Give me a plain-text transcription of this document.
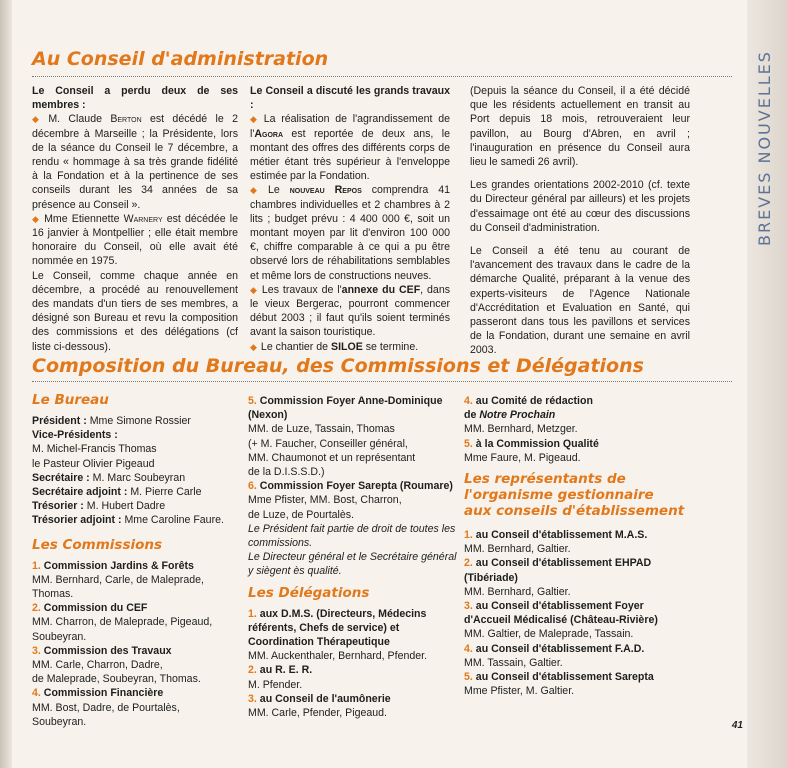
BREVES NOUVELLES
Au Conseil d'administration

Le Conseil a perdu deux de ses membres :

◆ M. Claude Berton est décédé le 2 décembre à Marseille ; la Présidente, lors de la séance du Conseil le 7 décembre, a rendu « hommage à sa très grande fidélité à la Fondation et à la pertinence de ses conseils durant les 34 années de sa présence au Conseil ».

◆ Mme Etiennette Warnery est décédée le 16 janvier à Montpellier ; elle était membre honoraire du Conseil, où elle avait été nommée en 1975.

Le Conseil, comme chaque année en décembre, a procédé au renouvellement des mandats d'un tiers de ses membres, a désigné son Bureau et revu la composition des commissions et des délégations (cf liste ci-dessous).

Le Conseil a discuté les grands travaux :

◆ La réalisation de l'agrandissement de l'Agora est reportée de deux ans, le montant des offres des différents corps de métier étant très supérieur à l'enveloppe estimée par la Fondation.

◆ Le nouveau Repos comprendra 41 chambres individuelles et 2 chambres à 2 lits ; budget prévu : 4 400 000 €, soit un montant moyen par lit d'environ 100 000 €, chiffre comparable à ce qui a pu être observé lors de réhabilitations semblables et même lors de constructions neuves.

◆ Les travaux de l'annexe du CEF, dans le vieux Bergerac, pourront commencer début 2003 ; il faut qu'ils soient terminés avant la saison touristique.

◆ Le chantier de SILOE se termine.

(Depuis la séance du Conseil, il a été décidé que les résidents actuellement en transit au Port depuis 18 mois, retrouveraient leur pavillon, au Bourg d'Abren, en avril ; l'inauguration en présence du Conseil aura lieu le samedi 26 avril).

Les grandes orientations 2002-2010 (cf. texte du Directeur général par ailleurs) et les projets d'essaimage ont été au cœur des discussions du Conseil d'administration.

Le Conseil a été tenu au courant de l'avancement des travaux dans le cadre de la démarche Qualité, préparant à la venue des experts-visiteurs de l'Agence Nationale d'Accréditation et Evaluation en Santé, qui passeront dans tous les pavillons et services de la Fondation, durant une semaine en avril 2003.

Composition du Bureau, des Commissions et Délégations
Le Bureau

Président : Mme Simone Rossier

Vice-Présidents :

M. Michel-Francis Thomas

le Pasteur Olivier Pigeaud

Secrétaire : M. Marc Soubeyran

Secrétaire adjoint : M. Pierre Carle

Trésorier : M. Hubert Dadre

Trésorier adjoint : Mme Caroline Faure.

Les Commissions

1. Commission Jardins & Forêts

MM. Bernhard, Carle, de Maleprade,

Thomas.

2. Commission du CEF

MM. Charron, de Maleprade, Pigeaud,

Soubeyran.

3. Commission des Travaux

MM. Carle, Charron, Dadre,

de Maleprade, Soubeyran, Thomas.

4. Commission Financière

MM. Bost, Dadre, de Pourtalès,

Soubeyran.

5. Commission Foyer Anne-Dominique (Nexon)

MM. de Luze, Tassain, Thomas

(+ M. Faucher, Conseiller général,

MM. Chaumonot et un représentant

de la D.I.S.S.D.)

6. Commission Foyer Sarepta (Roumare)

Mme Pfister, MM. Bost, Charron,

de Luze, de Pourtalès.

Le Président fait partie de droit de toutes les commissions.

Le Directeur général et le Secrétaire général y siègent ès qualité.

Les Délégations

1. aux D.M.S. (Directeurs, Médecins référents, Chefs de service) et Coordination Thérapeutique

MM. Auckenthaler, Bernhard, Pfender.

2. au R. E. R.

M. Pfender.

3. au Conseil de l'aumônerie

MM. Carle, Pfender, Pigeaud.

4. au Comité de rédaction

de Notre Prochain

MM. Bernhard, Metzger.

5. à la Commission Qualité

Mme Faure, M. Pigeaud.

Les représentants de
l'organisme gestionnaire
aux conseils d'établissement

1. au Conseil d'établissement M.A.S.

MM. Bernhard, Galtier.

2. au Conseil d'établissement EHPAD

(Tibériade)

MM. Bernhard, Galtier.

3. au Conseil d'établissement Foyer

d'Accueil Médicalisé (Château-Rivière)

MM. Galtier, de Maleprade, Tassain.

4. au Conseil d'établissement F.A.D.

MM. Tassain, Galtier.

5. au Conseil d'établissement Sarepta

Mme Pfister, M. Galtier.

41
